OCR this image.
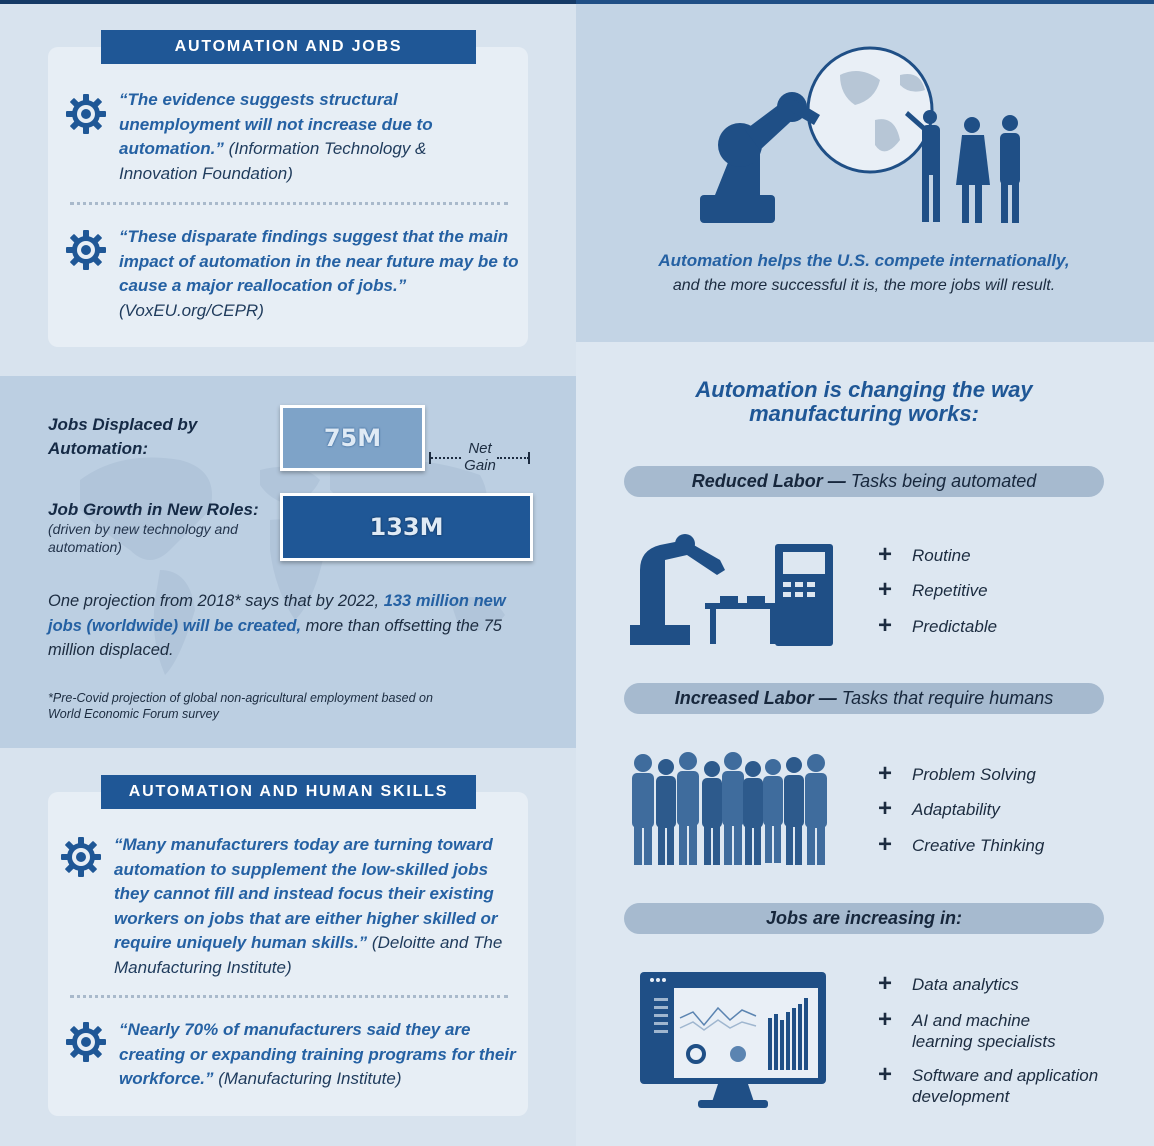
AUTOMATION AND JOBS
“The evidence suggests structural unemployment will not increase due to automation.” (Information Technology & Innovation Foundation)
“These disparate findings suggest that the main impact of automation in the near future may be to cause a major reallocation of jobs.” (VoxEU.org/CEPR)
Jobs Displaced by Automation:	75M	Net Gain
Job Growth in New Roles:
(driven by new technology and automation)
133M
One projection from 2018* says that by 2022, 133 million new jobs (worldwide) will be created, more than offsetting the 75 million displaced.
*Pre-Covid projection of global non-agricultural employment based on World Economic Forum survey
AUTOMATION AND HUMAN SKILLS
“Many manufacturers today are turning toward automation to supplement the low-skilled jobs they cannot fill and instead focus their existing workers on jobs that are either higher skilled or require uniquely human skills.” (Deloitte and The Manufacturing Institute)
“Nearly 70% of manufacturers said they are creating or expanding training programs for their workforce.” (Manufacturing Institute)
Automation helps the U.S. compete internationally,
and the more successful it is, the more jobs will result.
Automation is changing the way
manufacturing works:
Reduced Labor — Tasks being automated
+ Routine
+ Repetitive
+ Predictable
Increased Labor — Tasks that require humans
+ Problem Solving
+ Adaptability
+ Creative Thinking
Jobs are increasing in:
+ Data analytics
+ AI and machine learning specialists
+ Software and application development
